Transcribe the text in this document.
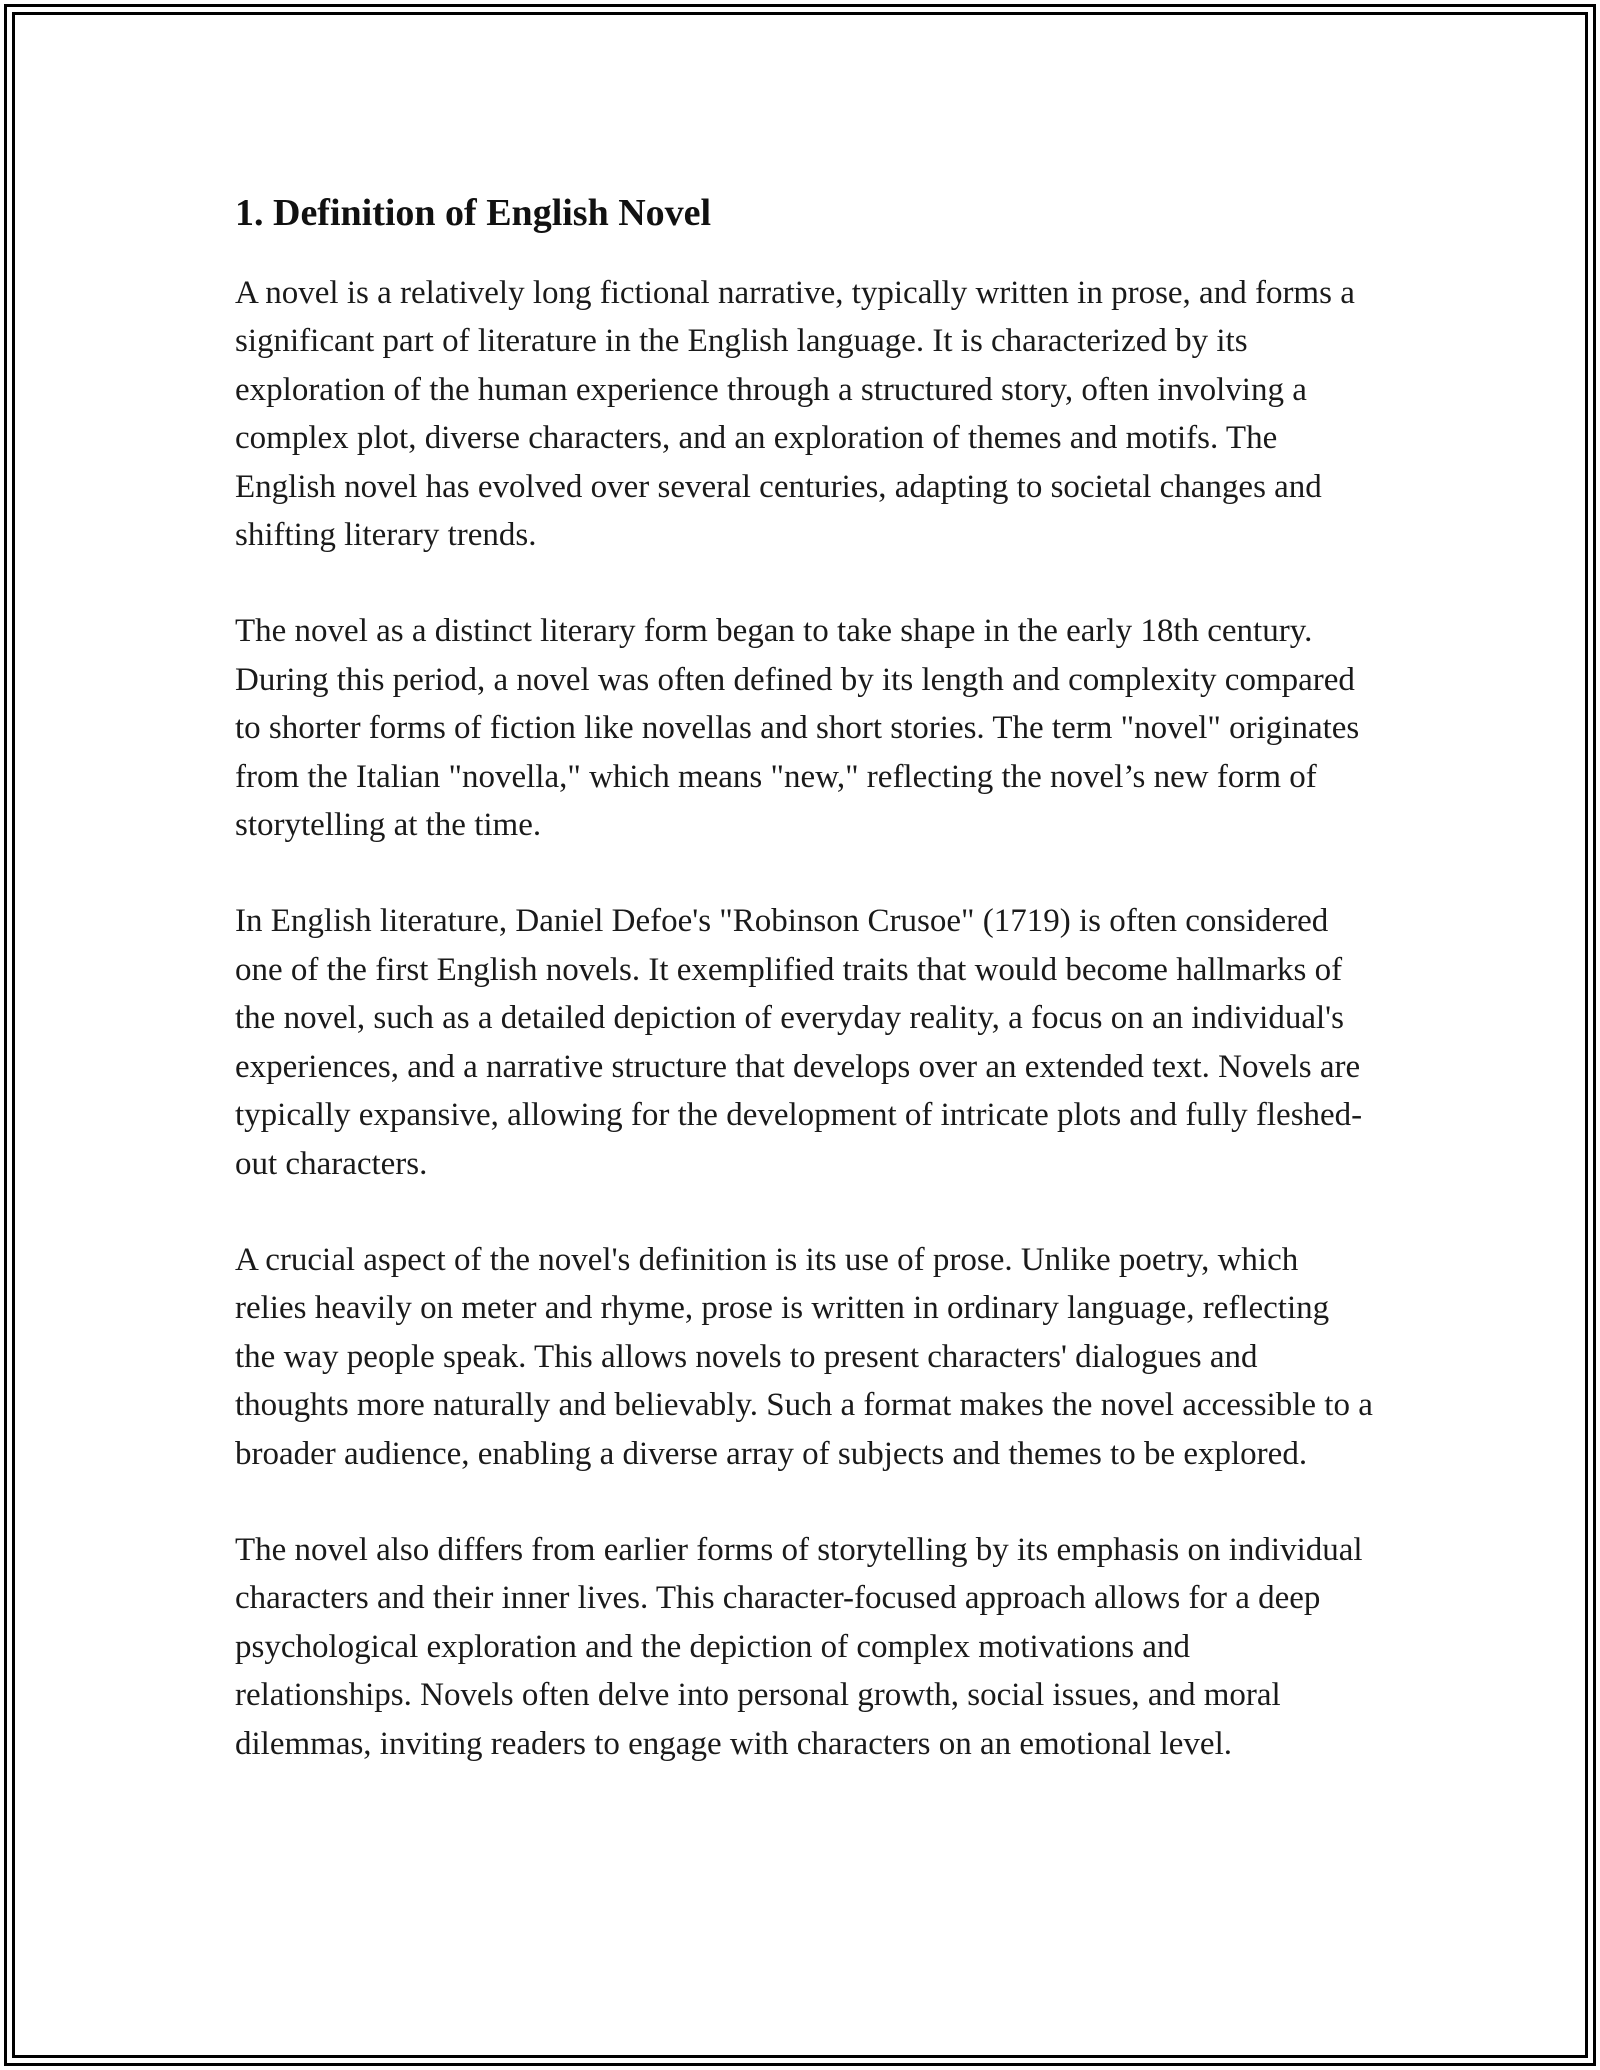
1. Definition of English Novel

A novel is a relatively long fictional narrative, typically written in prose, and forms a significant part of literature in the English language. It is characterized by its exploration of the human experience through a structured story, often involving a complex plot, diverse characters, and an exploration of themes and motifs. The English novel has evolved over several centuries, adapting to societal changes and shifting literary trends.

The novel as a distinct literary form began to take shape in the early 18th century. During this period, a novel was often defined by its length and complexity compared to shorter forms of fiction like novellas and short stories. The term "novel" originates from the Italian "novella," which means "new," reflecting the novel’s new form of storytelling at the time.

In English literature, Daniel Defoe's "Robinson Crusoe" (1719) is often considered one of the first English novels. It exemplified traits that would become hallmarks of the novel, such as a detailed depiction of everyday reality, a focus on an individual's experiences, and a narrative structure that develops over an extended text. Novels are typically expansive, allowing for the development of intricate plots and fully fleshed-out characters.

A crucial aspect of the novel's definition is its use of prose. Unlike poetry, which relies heavily on meter and rhyme, prose is written in ordinary language, reflecting the way people speak. This allows novels to present characters' dialogues and thoughts more naturally and believably. Such a format makes the novel accessible to a broader audience, enabling a diverse array of subjects and themes to be explored.

The novel also differs from earlier forms of storytelling by its emphasis on individual characters and their inner lives. This character-focused approach allows for a deep psychological exploration and the depiction of complex motivations and relationships. Novels often delve into personal growth, social issues, and moral dilemmas, inviting readers to engage with characters on an emotional level.
